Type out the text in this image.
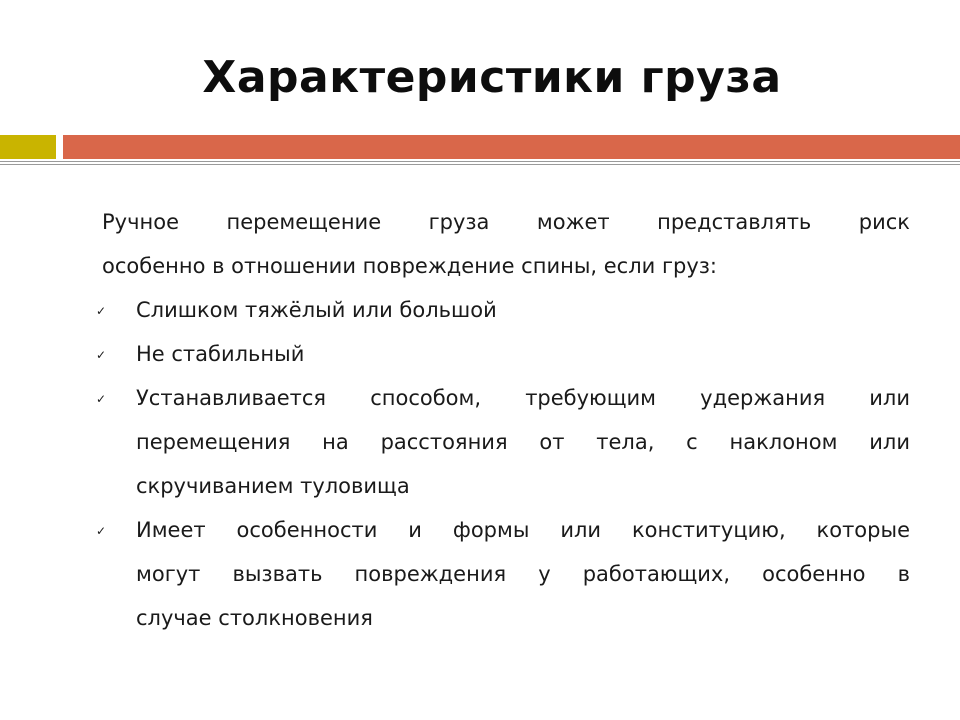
Характеристики груза
Ручное перемещение груза может представлять риск
особенно в отношении повреждение спины, если груз:
✓ Слишком тяжёлый или большой
✓ Не стабильный
✓ Устанавливается способом, требующим удержания или
перемещения на расстояния от тела, с наклоном или
скручиванием туловища
✓ Имеет особенности и формы или конституцию, которые
могут вызвать повреждения у работающих, особенно в
случае столкновения
